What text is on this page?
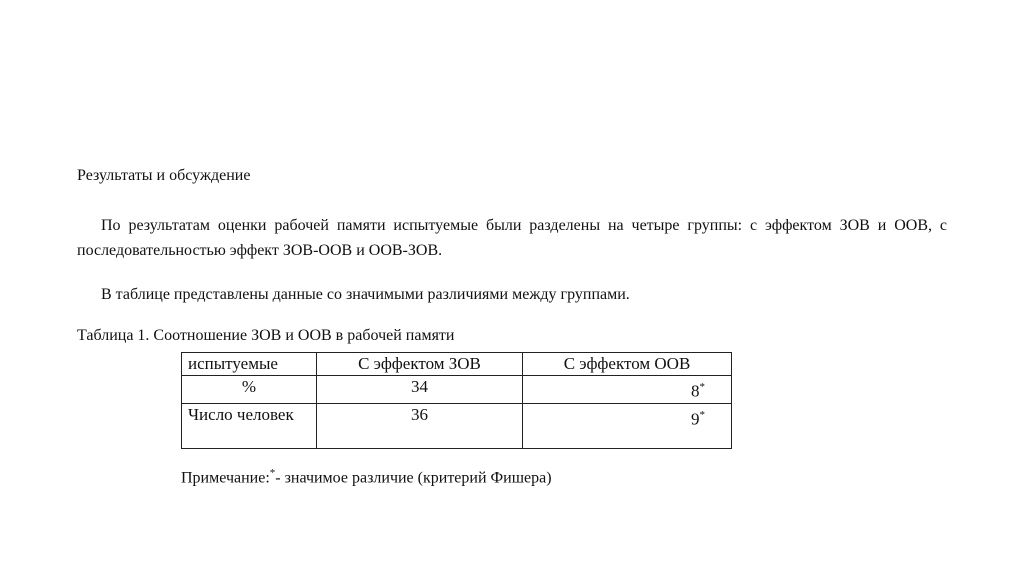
Результаты и обсуждение

По результатам оценки рабочей памяти испытуемые были разделены на четыре группы: с эффектом ЗОВ и ООВ, с последовательностью эффект ЗОВ-ООВ и ООВ-ЗОВ.

В таблице представлены данные со значимыми различиями между группами.

Таблица 1. Соотношение ЗОВ и ООВ в рабочей памяти
испытуемые	С эффектом ЗОВ	С эффектом ООВ
%	34	8*
Число человек	36	9*
Примечание:*- значимое различие (критерий Фишера)
